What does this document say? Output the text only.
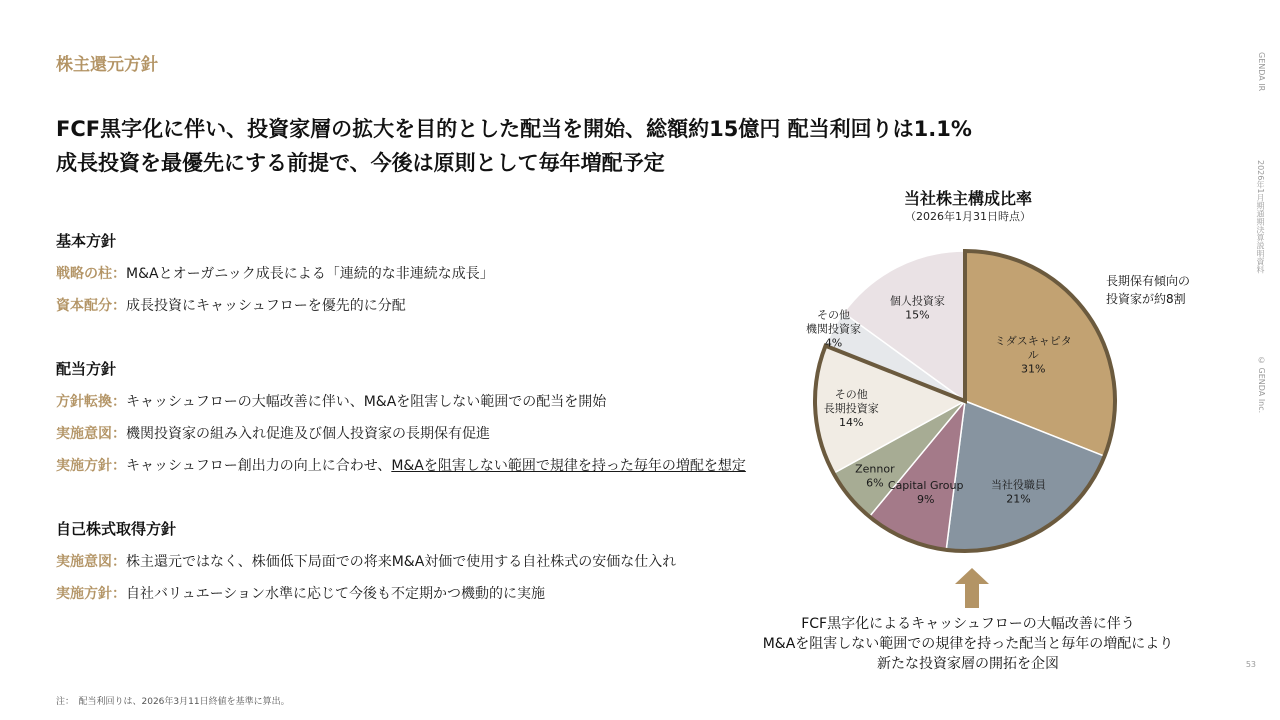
株主還元方針
FCF黒字化に伴い、投資家層の拡大を目的とした配当を開始、総額約15億円 配当利回りは1.1%
成長投資を最優先にする前提で、今後は原則として毎年増配予定
基本方針
戦略の柱：M&Aとオーガニック成長による「連続的な非連続な成長」
資本配分：成長投資にキャッシュフローを優先的に分配
配当方針
方針転換：キャッシュフローの大幅改善に伴い、M&Aを阻害しない範囲での配当を開始
実施意図：機関投資家の組み入れ促進及び個人投資家の長期保有促進
実施方針：キャッシュフロー創出力の向上に合わせ、M&Aを阻害しない範囲で規律を持った毎年の増配を想定
自己株式取得方針
実施意図：株主還元ではなく、株価低下局面での将来M&A対価で使用する自社株式の安価な仕入れ
実施方針：自社バリュエーション水準に応じて今後も不定期かつ機動的に実施
当社株主構成比率
（2026年1月31日時点）
ミダスキャピタル 31%
当社役職員 21%
Capital Group 9%
Zennor 6%
その他長期投資家 14%
その他機関投資家 4%
個人投資家 15%
長期保有傾向の
投資家が約8割
FCF黒字化によるキャッシュフローの大幅改善に伴う
M&Aを阻害しない範囲での規律を持った配当と毎年の増配により
新たな投資家層の開拓を企図
GENDA IR
2026年1月期通期決算説明資料
© GENDA Inc.
53
注：　配当利回りは、2026年3月11日終値を基準に算出。
